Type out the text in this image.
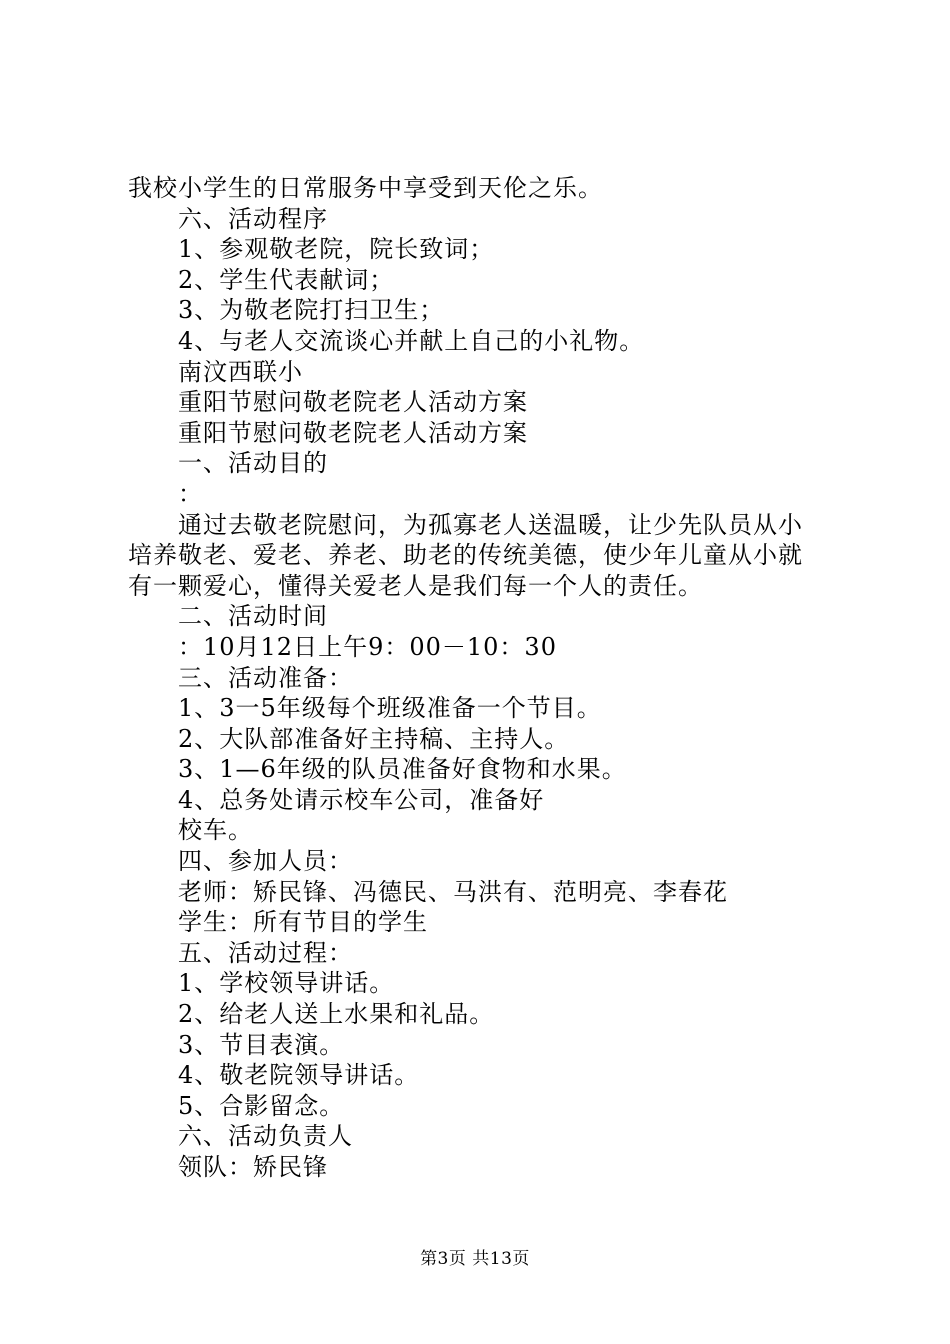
我校小学生的日常服务中享受到天伦之乐。
六、活动程序
1、参观敬老院，院长致词；
2、学生代表献词；
3、为敬老院打扫卫生；
4、与老人交流谈心并献上自己的小礼物。
南汶西联小
重阳节慰问敬老院老人活动方案
重阳节慰问敬老院老人活动方案
一、活动目的
：
通过去敬老院慰问，为孤寡老人送温暖，让少先队员从小
培养敬老、爱老、养老、助老的传统美德，使少年儿童从小就
有一颗爱心，懂得关爱老人是我们每一个人的责任。
二、活动时间
：10月12日上午9：00－10：30
三、活动准备：
1、3一5年级每个班级准备一个节目。
2、大队部准备好主持稿、主持人。
3、1—6年级的队员准备好食物和水果。
4、总务处请示校车公司，准备好
校车。
四、参加人员：
老师：矫民锋、冯德民、马洪有、范明亮、李春花
学生：所有节目的学生
五、活动过程：
1、学校领导讲话。
2、给老人送上水果和礼品。
3、节目表演。
4、敬老院领导讲话。
5、合影留念。
六、活动负责人
领队：矫民锋
第3页 共13页
